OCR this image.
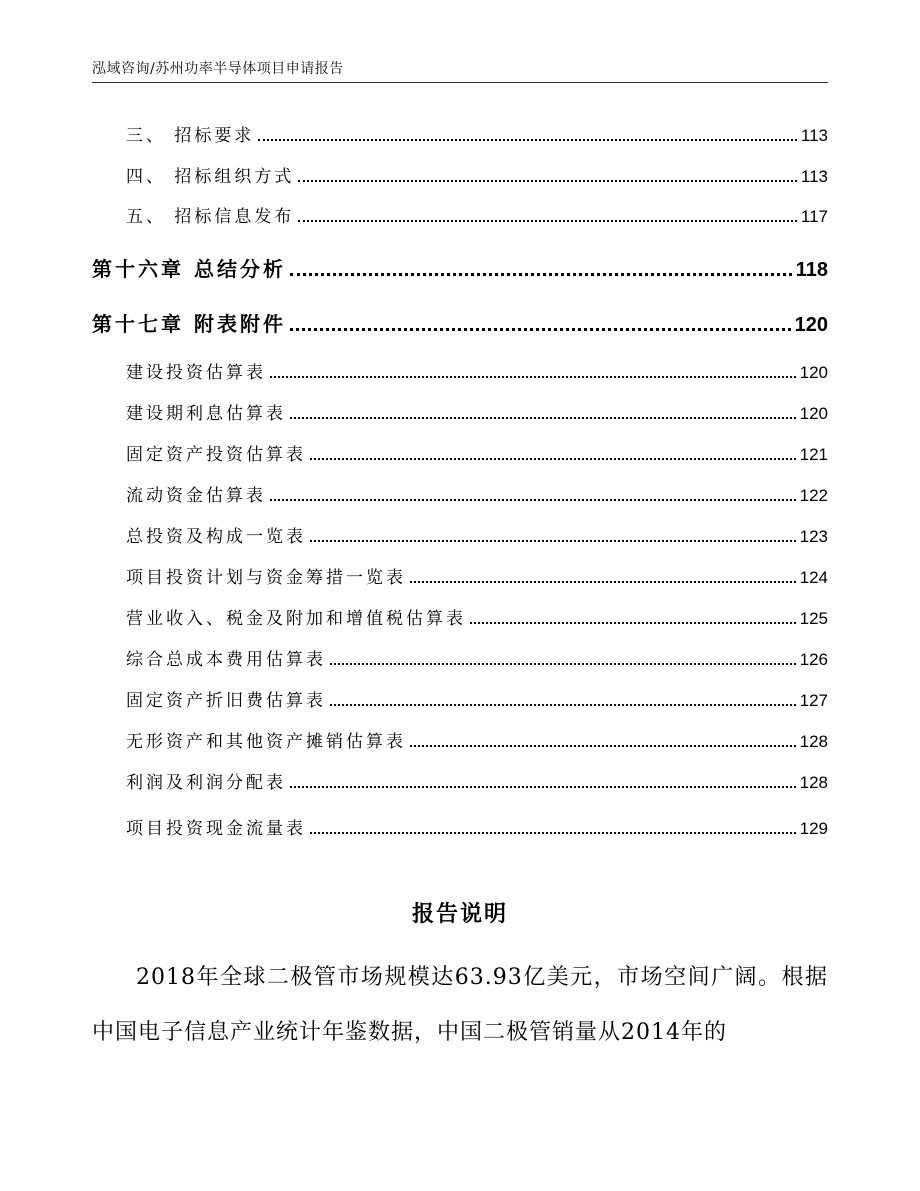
泓域咨询/苏州功率半导体项目申请报告
三、 招标要求	113
四、 招标组织方式	113
五、 招标信息发布	117
第十六章 总结分析	118
第十七章 附表附件	120
建设投资估算表	120
建设期利息估算表	120
固定资产投资估算表	121
流动资金估算表	122
总投资及构成一览表	123
项目投资计划与资金筹措一览表	124
营业收入、税金及附加和增值税估算表	125
综合总成本费用估算表	126
固定资产折旧费估算表	127
无形资产和其他资产摊销估算表	128
利润及利润分配表	128
项目投资现金流量表	129
报告说明
2018年全球二极管市场规模达63.93亿美元，市场空间广阔。根据中国电子信息产业统计年鉴数据，中国二极管销量从2014年的
